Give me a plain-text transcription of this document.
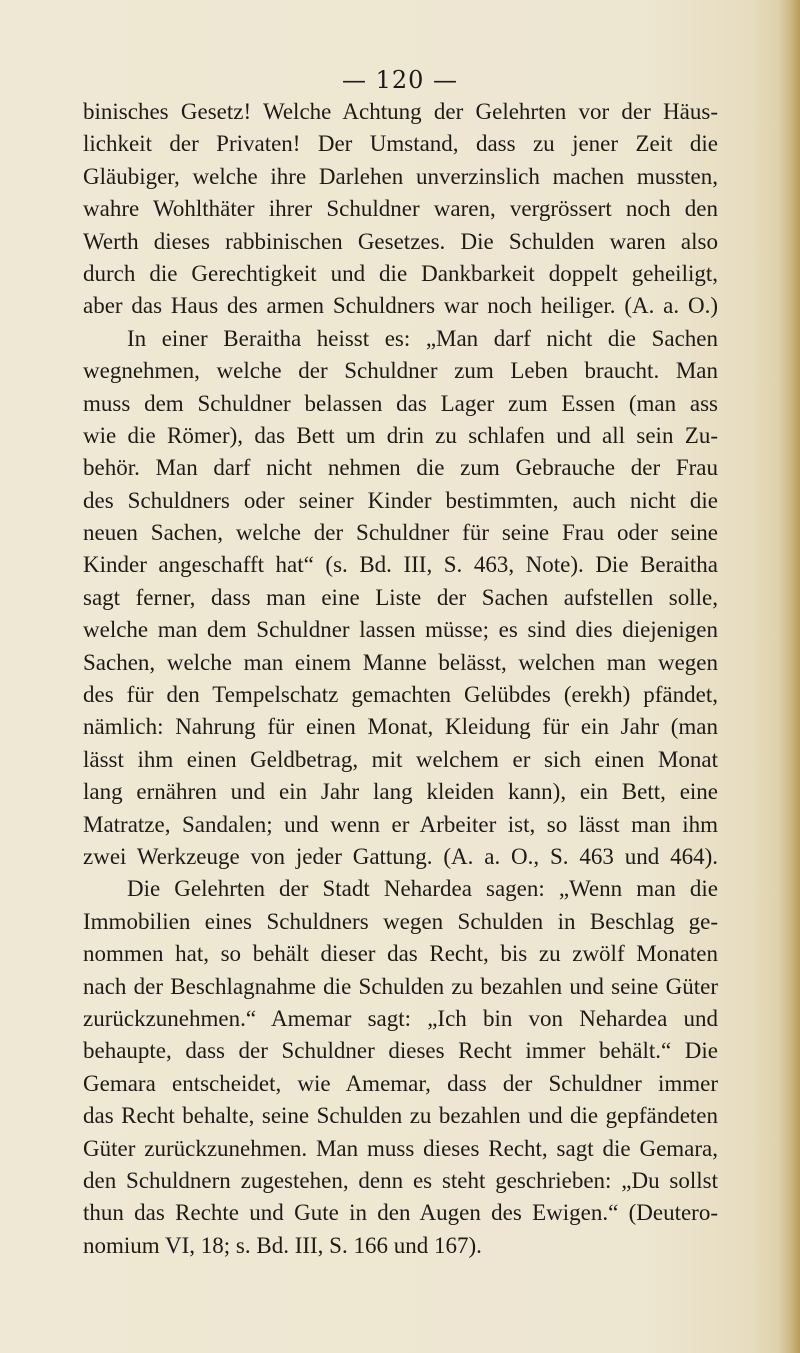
— 120 —
binisches Gesetz! Welche Achtung der Gelehrten vor der Häus-
lichkeit der Privaten! Der Umstand, dass zu jener Zeit die
Gläubiger, welche ihre Darlehen unverzinslich machen mussten,
wahre Wohlthäter ihrer Schuldner waren, vergrössert noch den
Werth dieses rabbinischen Gesetzes. Die Schulden waren also
durch die Gerechtigkeit und die Dankbarkeit doppelt geheiligt,
aber das Haus des armen Schuldners war noch heiliger. (A. a. O.)
In einer Beraitha heisst es: „Man darf nicht die Sachen
wegnehmen, welche der Schuldner zum Leben braucht. Man
muss dem Schuldner belassen das Lager zum Essen (man ass
wie die Römer), das Bett um drin zu schlafen und all sein Zu-
behör. Man darf nicht nehmen die zum Gebrauche der Frau
des Schuldners oder seiner Kinder bestimmten, auch nicht die
neuen Sachen, welche der Schuldner für seine Frau oder seine
Kinder angeschafft hat“ (s. Bd. III, S. 463, Note). Die Beraitha
sagt ferner, dass man eine Liste der Sachen aufstellen solle,
welche man dem Schuldner lassen müsse; es sind dies diejenigen
Sachen, welche man einem Manne belässt, welchen man wegen
des für den Tempelschatz gemachten Gelübdes (erekh) pfändet,
nämlich: Nahrung für einen Monat, Kleidung für ein Jahr (man
lässt ihm einen Geldbetrag, mit welchem er sich einen Monat
lang ernähren und ein Jahr lang kleiden kann), ein Bett, eine
Matratze, Sandalen; und wenn er Arbeiter ist, so lässt man ihm
zwei Werkzeuge von jeder Gattung. (A. a. O., S. 463 und 464).
Die Gelehrten der Stadt Nehardea sagen: „Wenn man die
Immobilien eines Schuldners wegen Schulden in Beschlag ge-
nommen hat, so behält dieser das Recht, bis zu zwölf Monaten
nach der Beschlagnahme die Schulden zu bezahlen und seine Güter
zurückzunehmen.“ Amemar sagt: „Ich bin von Nehardea und
behaupte, dass der Schuldner dieses Recht immer behält.“ Die
Gemara entscheidet, wie Amemar, dass der Schuldner immer
das Recht behalte, seine Schulden zu bezahlen und die gepfändeten
Güter zurückzunehmen. Man muss dieses Recht, sagt die Gemara,
den Schuldnern zugestehen, denn es steht geschrieben: „Du sollst
thun das Rechte und Gute in den Augen des Ewigen.“ (Deutero-
nomium VI, 18; s. Bd. III, S. 166 und 167).
